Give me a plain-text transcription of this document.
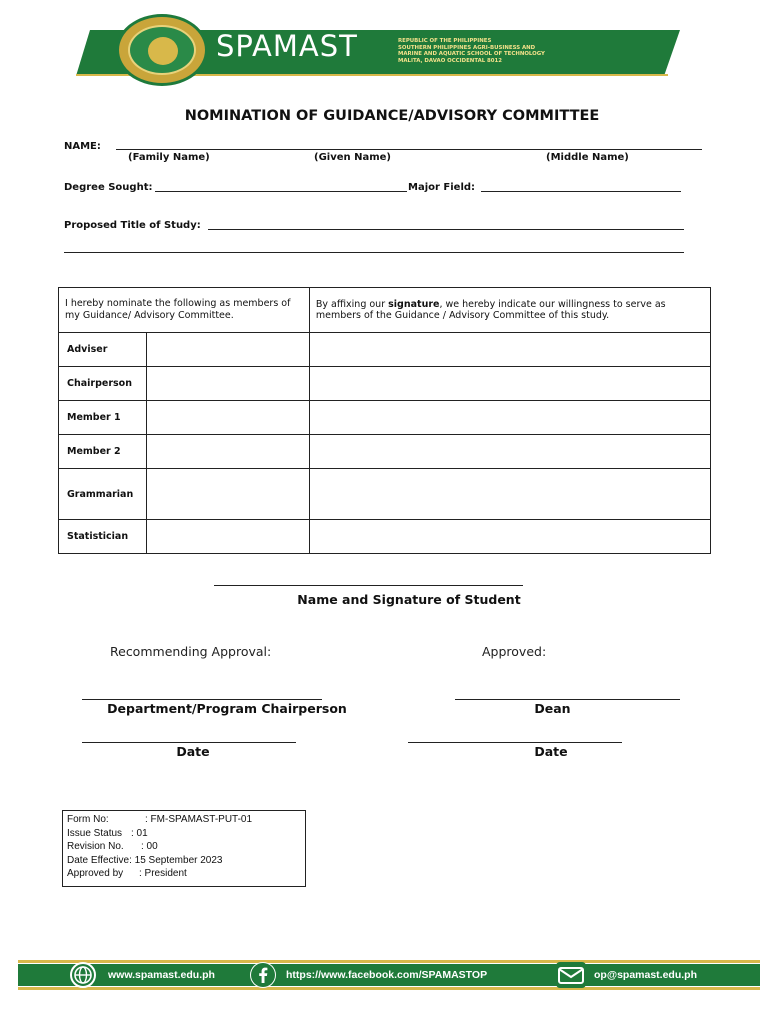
SPAMAST	REPUBLIC OF THE PHILIPPINES
SOUTHERN PHILIPPINES AGRI-BUSINESS AND
MARINE AND AQUATIC SCHOOL OF TECHNOLOGY
MALITA, DAVAO OCCIDENTAL 8012
NOMINATION OF GUIDANCE/ADVISORY COMMITTEE
NAME:
(Family Name)	(Given Name)	(Middle Name)
Degree Sought:	Major Field:
Proposed Title of Study:
I hereby nominate the following as members of my Guidance/ Advisory Committee.		By affixing our signature, we hereby indicate our willingness to serve as members of the Guidance / Advisory Committee of this study.
Adviser		
Chairperson		
Member 1		
Member 2		
Grammarian		
Statistician		
Name and Signature of Student
Recommending Approval:	Approved:
Department/Program Chairperson	Dean
Date	Date
Form No:	: FM-SPAMAST-PUT-01
Issue Status : 01
Revision No. : 00
Date Effective: 15 September 2023
Approved by : President
www.spamast.edu.ph	https://www.facebook.com/SPAMASTOP	op@spamast.edu.ph
